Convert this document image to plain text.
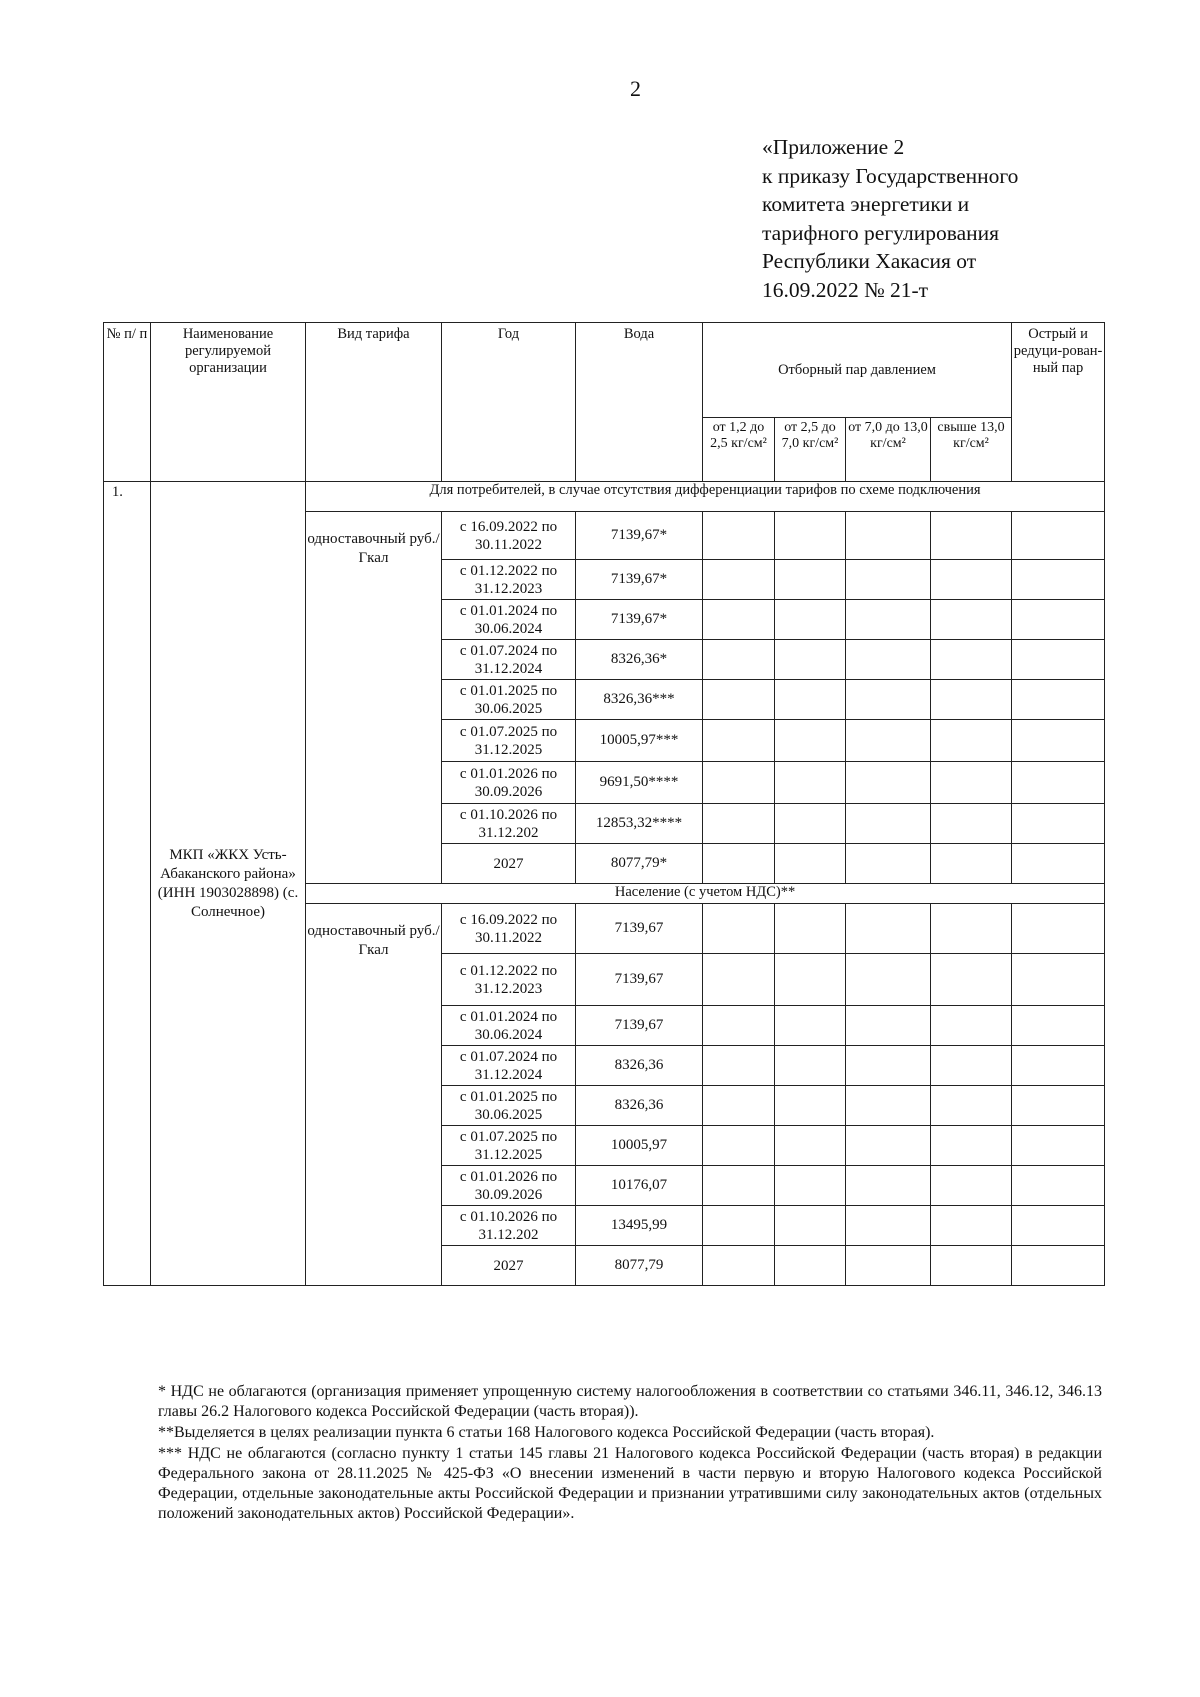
2
«Приложение 2
к приказу Государственного
комитета энергетики и
тарифного регулирования
Республики Хакасия от
16.09.2022 № 21-т
№ п/ п	Наименование регулируемой организации	Вид тарифа	Год	Вода	Отборный пар давлением				Острый и редуци-рован-ный пар
					от 1,2 до 2,5 кг/см²	от 2,5 до 7,0 кг/см²	от 7,0 до 13,0 кг/см²	свыше 13,0 кг/см²	
1.	МКП «ЖКХ Усть-Абаканского района» (ИНН 1903028898) (с. Солнечное)	Для потребителей, в случае отсутствия дифференциации тарифов по схеме подключения							
		одноставочный руб./Гкал	с 16.09.2022 по 30.11.2022	7139,67*					
			с 01.12.2022 по 31.12.2023	7139,67*					
			с 01.01.2024 по 30.06.2024	7139,67*					
			с 01.07.2024 по 31.12.2024	8326,36*					
			с 01.01.2025 по 30.06.2025	8326,36***					
			с 01.07.2025 по 31.12.2025	10005,97***					
			с 01.01.2026 по 30.09.2026	9691,50****					
			с 01.10.2026 по 31.12.202	12853,32****					
			2027	8077,79*					
		Население (с учетом НДС)**							
		одноставочный руб./Гкал	с 16.09.2022 по 30.11.2022	7139,67					
			с 01.12.2022 по 31.12.2023	7139,67					
			с 01.01.2024 по 30.06.2024	7139,67					
			с 01.07.2024 по 31.12.2024	8326,36					
			с 01.01.2025 по 30.06.2025	8326,36					
			с 01.07.2025 по 31.12.2025	10005,97					
			с 01.01.2026 по 30.09.2026	10176,07					
			с 01.10.2026 по 31.12.202	13495,99					
			2027	8077,79					

* НДС не облагаются (организация применяет упрощенную систему налогообложения в соответствии со статьями 346.11, 346.12, 346.13 главы 26.2 Налогового кодекса Российской Федерации (часть вторая)).

**Выделяется в целях реализации пункта 6 статьи 168 Налогового кодекса Российской Федерации (часть вторая).

*** НДС не облагаются (согласно пункту 1 статьи 145 главы 21 Налогового кодекса Российской Федерации (часть вторая) в редакции Федерального закона от 28.11.2025 № 425-ФЗ «О внесении изменений в части первую и вторую Налогового кодекса Российской Федерации, отдельные законодательные акты Российской Федерации и признании утратившими силу законодательных актов (отдельных положений законодательных актов) Российской Федерации».
